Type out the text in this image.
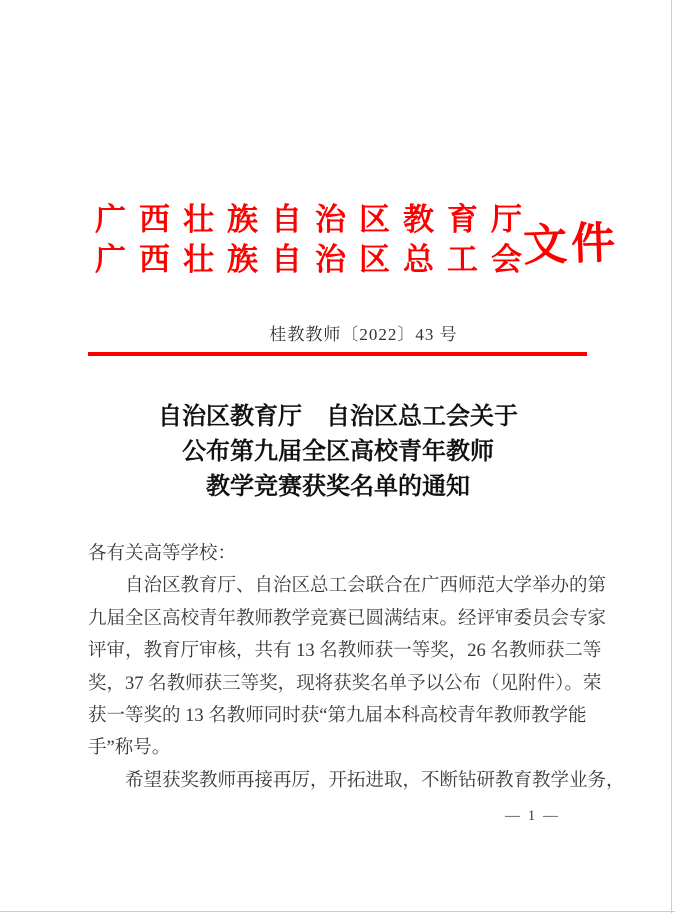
广西壮族自治区教育厅
广西壮族自治区总工会
文件
桂教教师〔2022〕43 号
自治区教育厅　自治区总工会关于
公布第九届全区高校青年教师
教学竞赛获奖名单的通知
各有关高等学校：
　　自治区教育厅、自治区总工会联合在广西师范大学举办的第
九届全区高校青年教师教学竞赛已圆满结束。经评审委员会专家
评审，教育厅审核，共有 13 名教师获一等奖，26 名教师获二等
奖，37 名教师获三等奖，现将获奖名单予以公布（见附件）。荣
获一等奖的 13 名教师同时获“第九届本科高校青年教师教学能
手”称号。
　　希望获奖教师再接再厉，开拓进取，不断钻研教育教学业务，
— 1 —
